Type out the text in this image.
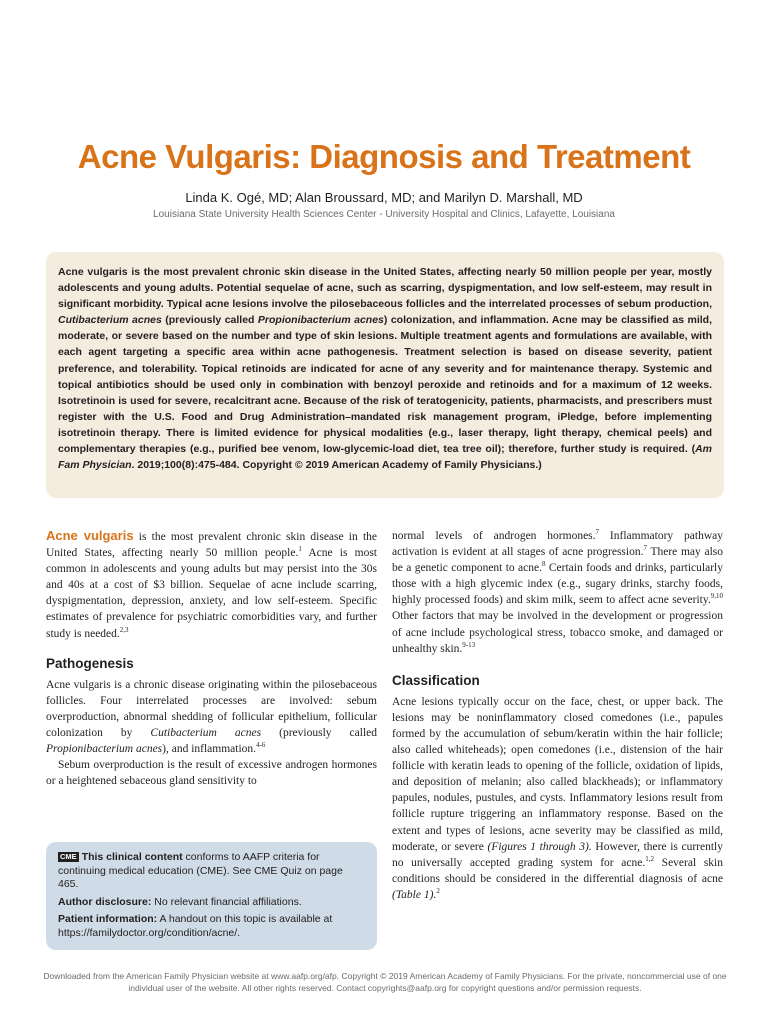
Acne Vulgaris: Diagnosis and Treatment
Linda K. Ogé, MD; Alan Broussard, MD; and Marilyn D. Marshall, MD
Louisiana State University Health Sciences Center - University Hospital and Clinics, Lafayette, Louisiana

Acne vulgaris is the most prevalent chronic skin disease in the United States, affecting nearly 50 million people per year, mostly adolescents and young adults. Potential sequelae of acne, such as scarring, dyspigmentation, and low self-esteem, may result in significant morbidity. Typical acne lesions involve the pilosebaceous follicles and the interrelated processes of sebum production, Cutibacterium acnes (previously called Propionibacterium acnes) colonization, and inflammation. Acne may be classified as mild, moderate, or severe based on the number and type of skin lesions. Multiple treatment agents and formulations are available, with each agent targeting a specific area within acne pathogenesis. Treatment selection is based on disease severity, patient preference, and tolerability. Topical retinoids are indicated for acne of any severity and for maintenance therapy. Systemic and topical antibiotics should be used only in combination with benzoyl peroxide and retinoids and for a maximum of 12 weeks. Isotretinoin is used for severe, recalcitrant acne. Because of the risk of teratogenicity, patients, pharmacists, and prescribers must register with the U.S. Food and Drug Administration–mandated risk management program, iPledge, before implementing isotretinoin therapy. There is limited evidence for physical modalities (e.g., laser therapy, light therapy, chemical peels) and complementary therapies (e.g., purified bee venom, low-glycemic-load diet, tea tree oil); therefore, further study is required. (Am Fam Physician. 2019;100(8):475-484. Copyright © 2019 American Academy of Family Physicians.)

Acne vulgaris is the most prevalent chronic skin disease in the United States, affecting nearly 50 million people.$^1$ Acne is most common in adolescents and young adults but may persist into the 30s and 40s at a cost of $3 billion. Sequelae of acne include scarring, dyspigmentation, depression, anxiety, and low self-esteem. Specific estimates of prevalence for psychiatric comorbidities vary, and further study is needed.$^{2,3}$

Pathogenesis

Acne vulgaris is a chronic disease originating within the pilosebaceous follicles. Four interrelated processes are involved: sebum overproduction, abnormal shedding of follicular epithelium, follicular colonization by Cutibacterium acnes (previously called Propionibacterium acnes), and inflammation.$^{4-6}$

Sebum overproduction is the result of excessive androgen hormones or a heightened sebaceous gland sensitivity to

normal levels of androgen hormones.$^7$ Inflammatory pathway activation is evident at all stages of acne progression.$^7$ There may also be a genetic component to acne.$^8$ Certain foods and drinks, particularly those with a high glycemic index (e.g., sugary drinks, starchy foods, highly processed foods) and skim milk, seem to affect acne severity.$^{9,10}$ Other factors that may be involved in the development or progression of acne include psychological stress, tobacco smoke, and damaged or unhealthy skin.$^{9-13}$

Classification

Acne lesions typically occur on the face, chest, or upper back. The lesions may be noninflammatory closed comedones (i.e., papules formed by the accumulation of sebum/keratin within the hair follicle; also called whiteheads); open comedones (i.e., distension of the hair follicle with keratin leads to opening of the follicle, oxidation of lipids, and deposition of melanin; also called blackheads); or inflammatory papules, nodules, pustules, and cysts. Inflammatory lesions result from follicle rupture triggering an inflammatory response. Based on the extent and types of lesions, acne severity may be classified as mild, moderate, or severe (Figures 1 through 3). However, there is currently no universally accepted grading system for acne.$^{1,2}$ Several skin conditions should be considered in the differential diagnosis of acne (Table 1).$^2$

CME This clinical content conforms to AAFP criteria for continuing medical education (CME). See CME Quiz on page 465.

Author disclosure: No relevant financial affiliations.

Patient information: A handout on this topic is available at https://familydoctor.org/condition/acne/.

Downloaded from the American Family Physician website at www.aafp.org/afp. Copyright © 2019 American Academy of Family Physicians. For the private, noncommercial use of one individual user of the website. All other rights reserved. Contact copyrights@aafp.org for copyright questions and/or permission requests.
